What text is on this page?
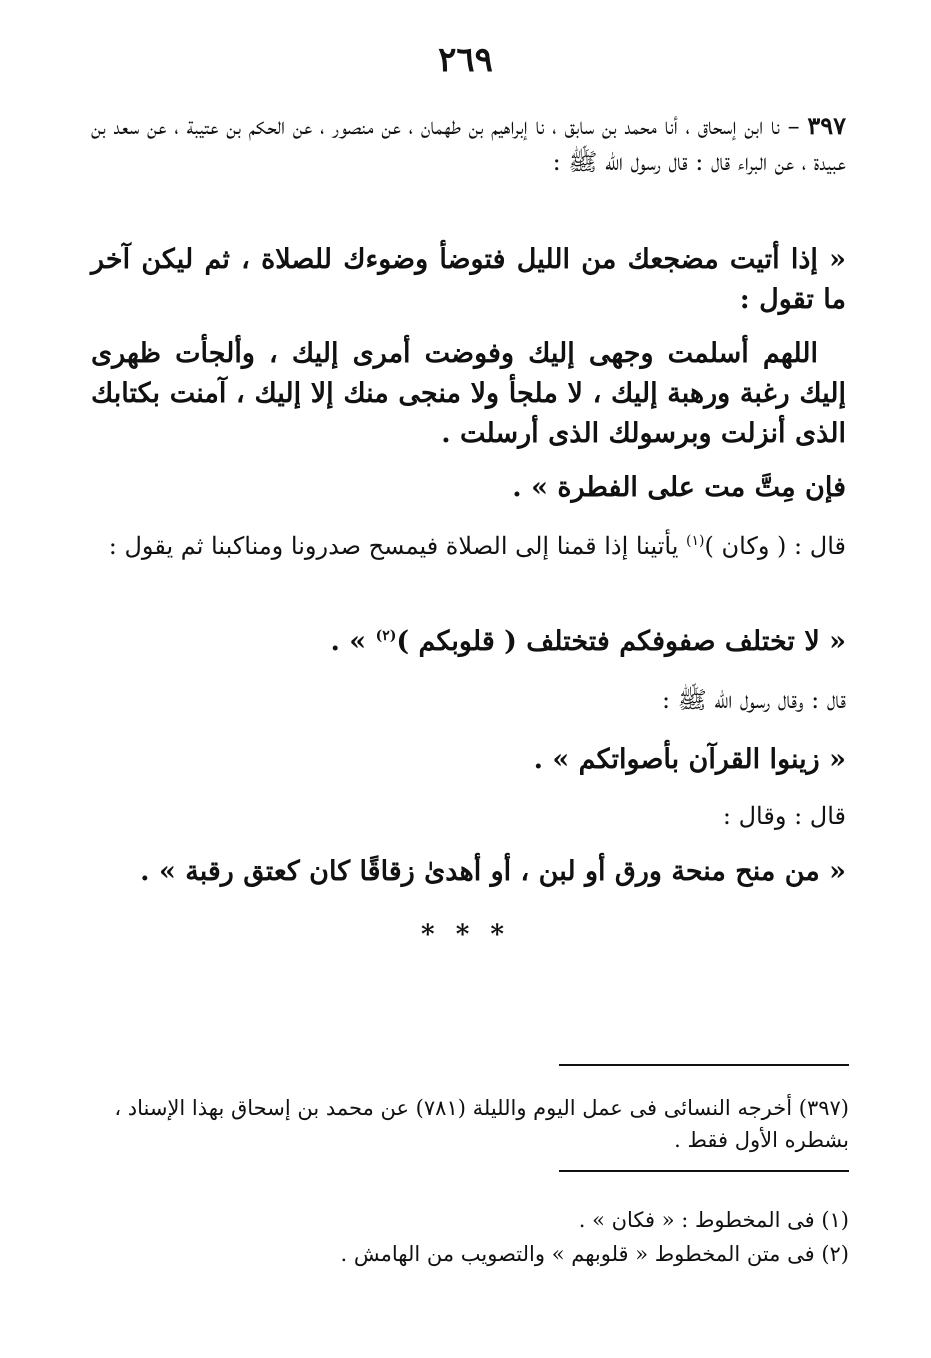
٢٦٩

٣٩٧ – نا ابن إسحاق ، أنا محمد بن سابق ، نا إبراهيم بن طهمان ، عن منصور ، عن الحكم بن عتيبة ، عن سعد بن عبيدة ، عن البراء قال : قال رسول الله ﷺ :

« إذا أتيت مضجعك من الليل فتوضأ وضوءك للصلاة ، ثم ليكن آخر ما تقول :

اللهم أسلمت وجهى إليك وفوضت أمرى إليك ، وألجأت ظهرى إليك رغبة ورهبة إليك ، لا ملجأ ولا منجى منك إلا إليك ، آمنت بكتابك الذى أنزلت وبرسولك الذى أرسلت .

فإن مِتَّ مت على الفطرة » .

قال : ( وكان )$^{(١)}$ يأتينا إذا قمنا إلى الصلاة فيمسح صدرونا ومناكبنا ثم يقول :

« لا تختلف صفوفكم فتختلف ( قلوبكم )$^{(٢)}$ » .

قال : وقال رسول الله ﷺ :

« زينوا القرآن بأصواتكم » .

قال : وقال :

« من منح منحة ورق أو لبن ، أو أهدىٰ زقاقًا كان كعتق رقبة » .

* * *
(٣٩٧) أخرجه النسائى فى عمل اليوم والليلة (٧٨١) عن محمد بن إسحاق بهذا الإسناد ، بشطره الأول فقط .
(١) فى المخطوط : « فكان » .
(٢) فى متن المخطوط « قلوبهم » والتصويب من الهامش .
